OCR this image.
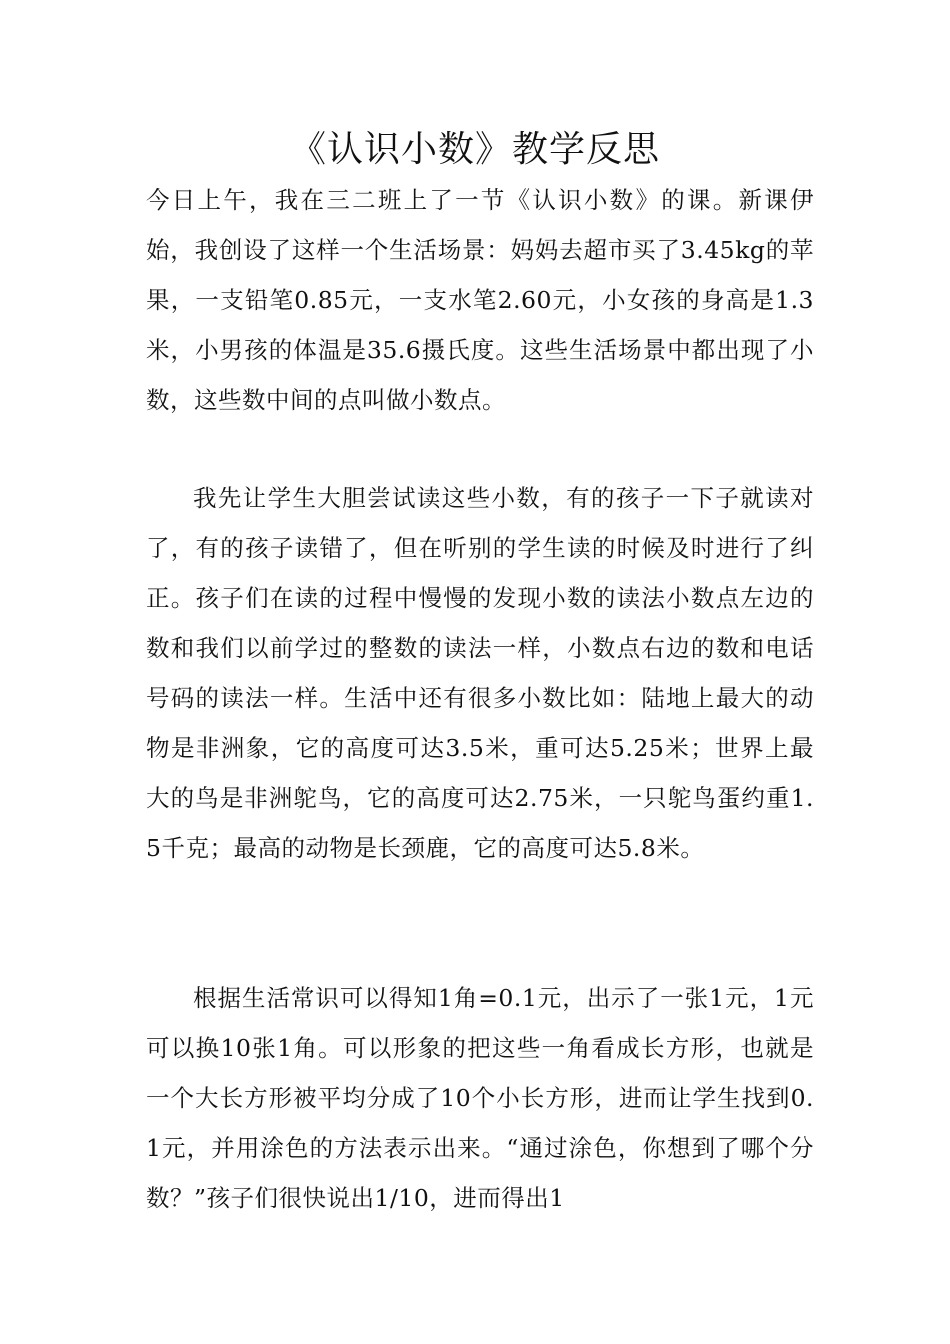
《认识小数》教学反思

今日上午，我在三二班上了一节《认识小数》的课。新课伊始，我创设了这样一个生活场景：妈妈去超市买了3.45kg的苹果，一支铅笔0.85元，一支水笔2.60元，小女孩的身高是1.3米，小男孩的体温是35.6摄氏度。这些生活场景中都出现了小数，这些数中间的点叫做小数点。

我先让学生大胆尝试读这些小数，有的孩子一下子就读对了，有的孩子读错了，但在听别的学生读的时候及时进行了纠正。孩子们在读的过程中慢慢的发现小数的读法小数点左边的数和我们以前学过的整数的读法一样，小数点右边的数和电话号码的读法一样。生活中还有很多小数比如：陆地上最大的动物是非洲象，它的高度可达3.5米，重可达5.25米；世界上最大的鸟是非洲鸵鸟，它的高度可达2.75米，一只鸵鸟蛋约重1.5千克；最高的动物是长颈鹿，它的高度可达5.8米。

根据生活常识可以得知1角=0.1元，出示了一张1元，1元可以换10张1角。可以形象的把这些一角看成长方形，也就是一个大长方形被平均分成了10个小长方形，进而让学生找到0.1元，并用涂色的方法表示出来。“通过涂色，你想到了哪个分数？”孩子们很快说出1/10，进而得出1
